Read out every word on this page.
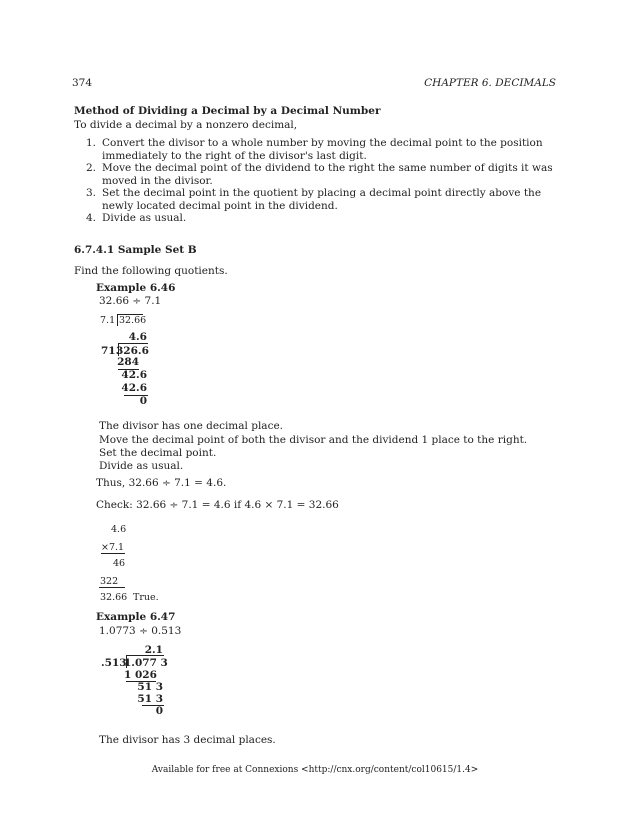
374	CHAPTER 6. DECIMALS
Method of Dividing a Decimal by a Decimal Number
To divide a decimal by a nonzero decimal,
1. Convert the divisor to a whole number by moving the decimal point to the position immediately to the right of the divisor's last digit.
2. Move the decimal point of the dividend to the right the same number of digits it was moved in the divisor.
3. Set the decimal point in the quotient by placing a decimal point directly above the newly located decimal point in the dividend.
4. Divide as usual.
6.7.4.1 Sample Set B
Find the following quotients.
Example 6.46
32.66 ÷ 7.1
7.1 32.66
4.6
71.
326.6
284
42.6
42.6
0
The divisor has one decimal place.
Move the decimal point of both the divisor and the dividend 1 place to the right.
Set the decimal point.
Divide as usual.
Thus, 32.66 ÷ 7.1 = 4.6.
Check: 32.66 ÷ 7.1 = 4.6 if 4.6 × 7.1 = 32.66
4.6
×7.1
46
322
32.66 True.
Example 6.47
1.0773 ÷ 0.513
2.1
.513
1.077 3
1 026
51 3
51 3
0
The divisor has 3 decimal places.
Available for free at Connexions <http://cnx.org/content/col10615/1.4>
